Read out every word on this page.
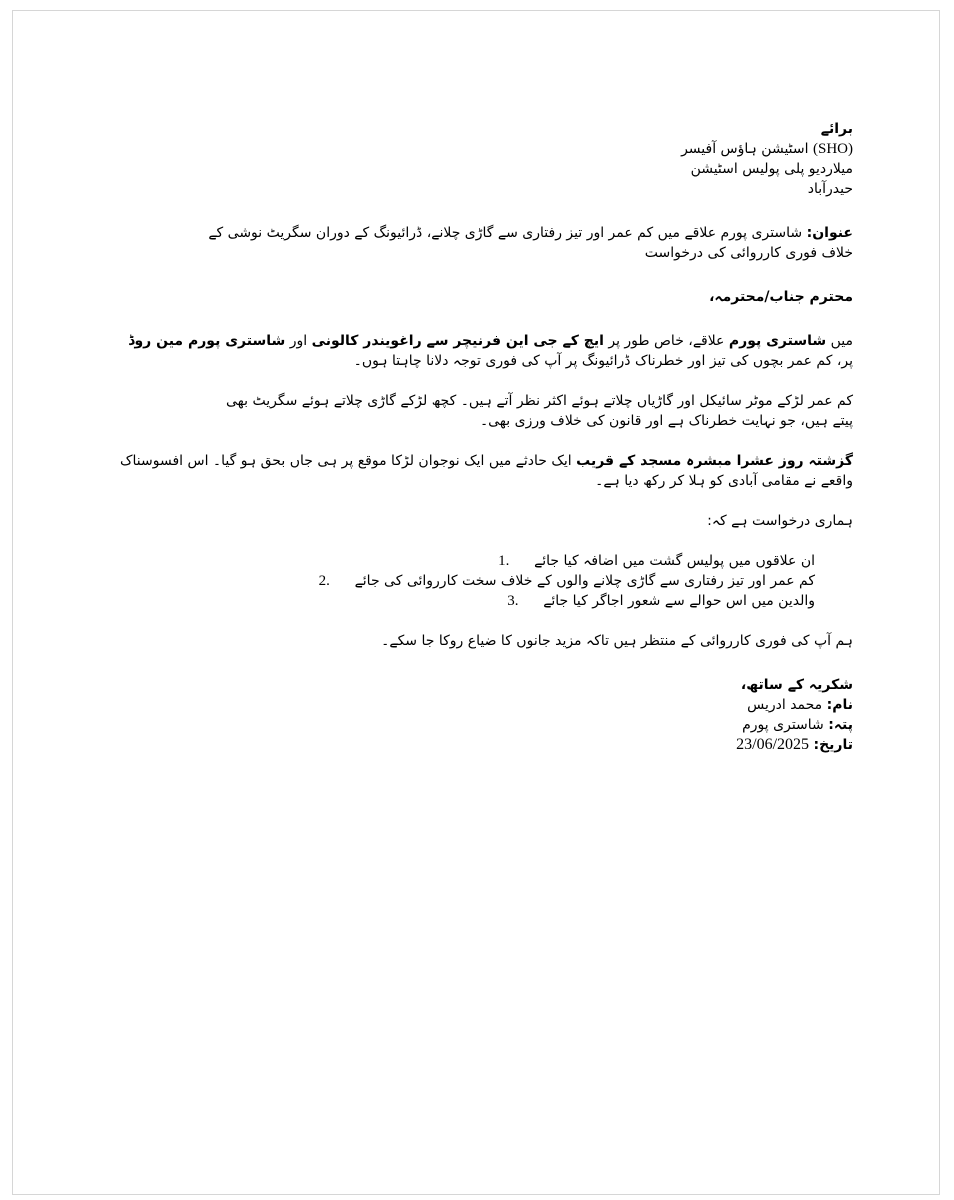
برائے
(SHO) اسٹیشن ہاؤس آفیسر
میلاردیو پلی پولیس اسٹیشن
حیدرآباد
عنوان: شاستری پورم علاقے میں کم عمر اور تیز رفتاری سے گاڑی چلانے، ڈرائیونگ کے دوران سگریٹ نوشی کے
خلاف فوری کارروائی کی درخواست
محترم جناب/محترمہ،
میں شاستری پورم علاقے، خاص طور پر ایچ کے جی این فرنیچر سے راغویندر کالونی اور شاستری پورم مین روڈ
پر، کم عمر بچوں کی تیز اور خطرناک ڈرائیونگ پر آپ کی فوری توجہ دلانا چاہتا ہوں۔
کم عمر لڑکے موٹر سائیکل اور گاڑیاں چلاتے ہوئے اکثر نظر آتے ہیں۔ کچھ لڑکے گاڑی چلاتے ہوئے سگریٹ بھی
پیتے ہیں، جو نہایت خطرناک ہے اور قانون کی خلاف ورزی بھی۔
گزشتہ روز عشرا مبشرہ مسجد کے قریب ایک حادثے میں ایک نوجوان لڑکا موقع پر ہی جاں بحق ہو گیا۔ اس افسوسناک
واقعے نے مقامی آبادی کو ہلا کر رکھ دیا ہے۔
ہماری درخواست ہے کہ:
ان علاقوں میں پولیس گشت میں اضافہ کیا جائے
1.
کم عمر اور تیز رفتاری سے گاڑی چلانے والوں کے خلاف سخت کارروائی کی جائے
2.
والدین میں اس حوالے سے شعور اجاگر کیا جائے
3.
ہم آپ کی فوری کارروائی کے منتظر ہیں تاکہ مزید جانوں کا ضیاع روکا جا سکے۔
شکریہ کے ساتھ،
نام: محمد ادریس
پتہ: شاستری پورم
تاریخ: 23/06/2025
